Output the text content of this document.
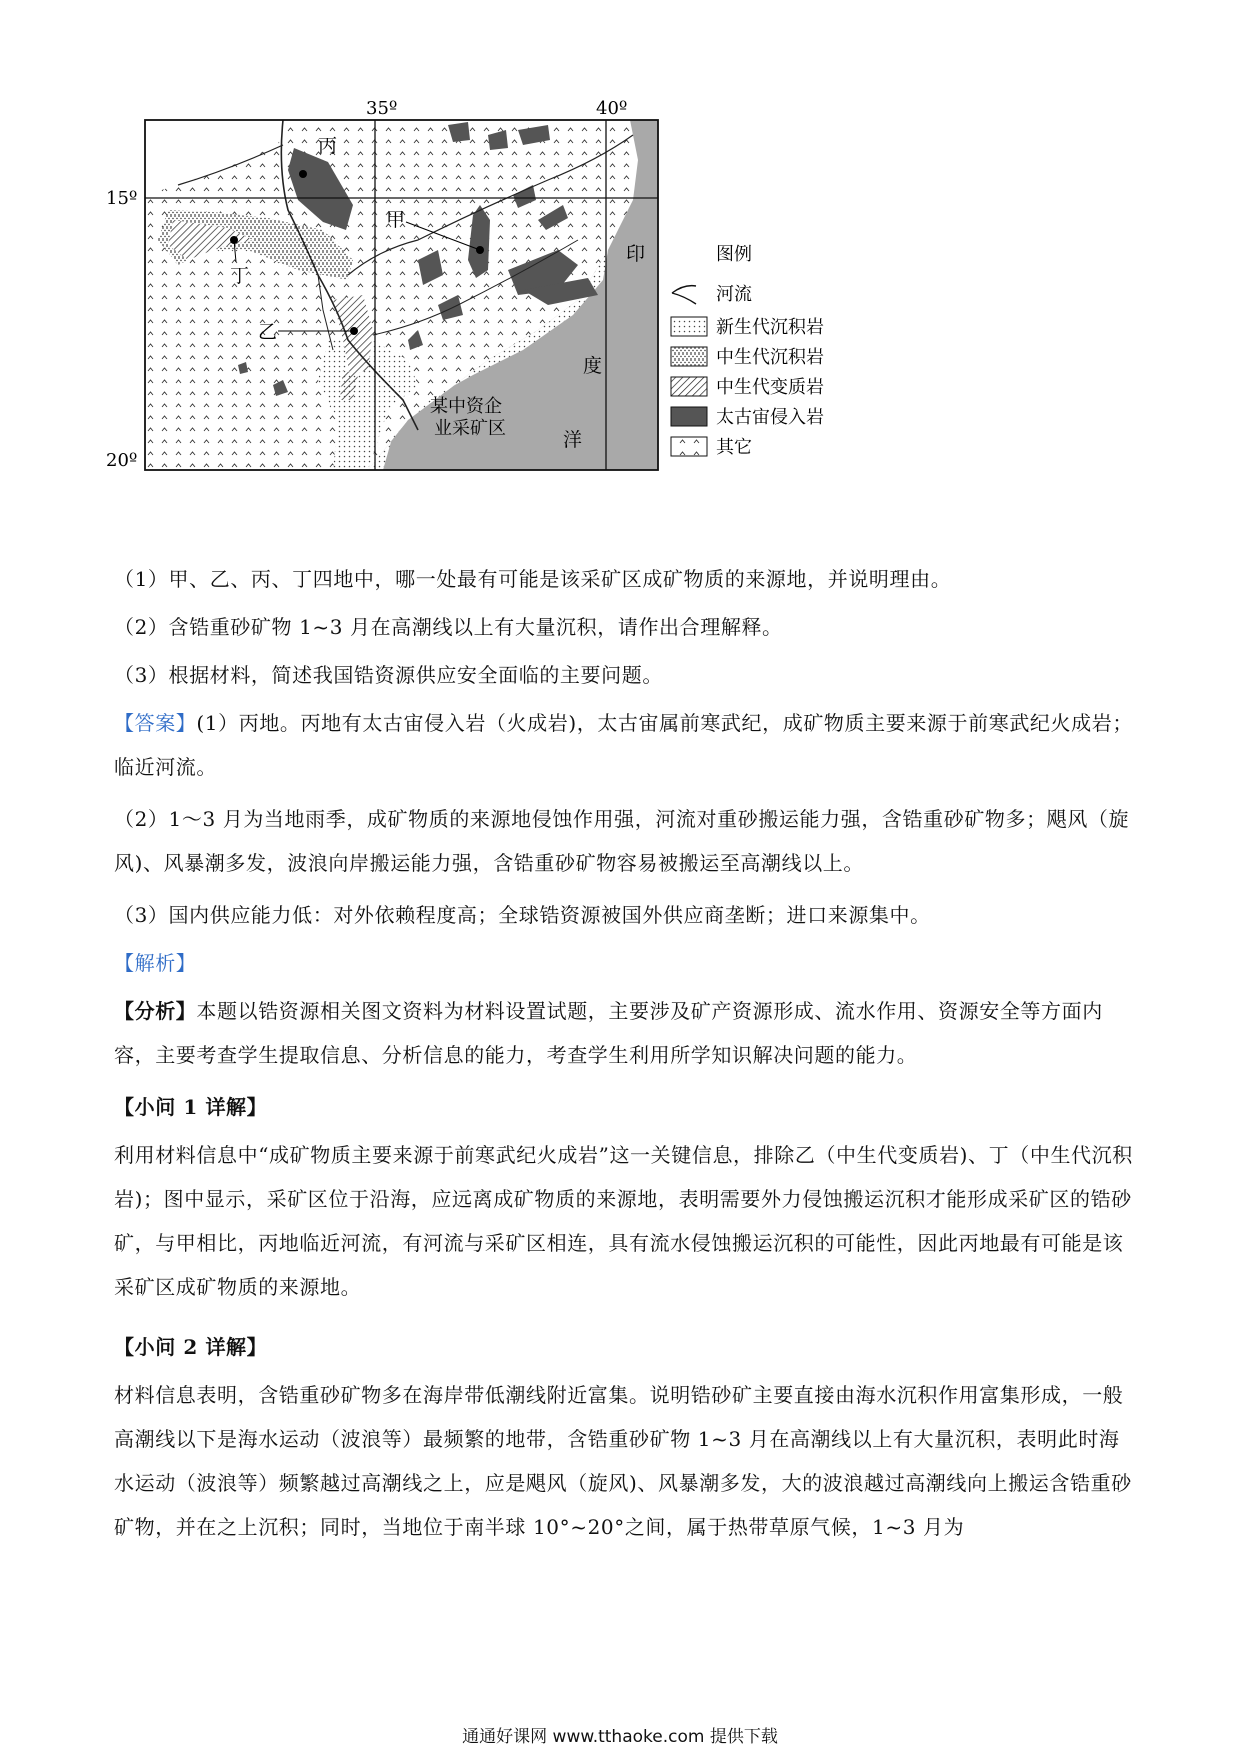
35º	40º
15º
20º
丙
甲
丁
乙
印
度
洋
某中资企
业采矿区
图例
河流
新生代沉积岩
中生代沉积岩
中生代变质岩
太古宙侵入岩
其它

（1）甲、乙、丙、丁四地中，哪一处最有可能是该采矿区成矿物质的来源地，并说明理由。

（2）含锆重砂矿物 1~3 月在高潮线以上有大量沉积，请作出合理解释。

（3）根据材料，简述我国锆资源供应安全面临的主要问题。

【答案】(1）丙地。丙地有太古宙侵入岩（火成岩)，太古宙属前寒武纪，成矿物质主要来源于前寒武纪火成岩；临近河流。

（2）1～3 月为当地雨季，成矿物质的来源地侵蚀作用强，河流对重砂搬运能力强，含锆重砂矿物多；飓风（旋风)、风暴潮多发，波浪向岸搬运能力强，含锆重砂矿物容易被搬运至高潮线以上。

（3）国内供应能力低：对外依赖程度高；全球锆资源被国外供应商垄断；进口来源集中。

【解析】

【分析】本题以锆资源相关图文资料为材料设置试题，主要涉及矿产资源形成、流水作用、资源安全等方面内容，主要考查学生提取信息、分析信息的能力，考查学生利用所学知识解决问题的能力。

【小问 1 详解】

利用材料信息中“成矿物质主要来源于前寒武纪火成岩”这一关键信息，排除乙（中生代变质岩)、丁（中生代沉积岩)；图中显示，采矿区位于沿海，应远离成矿物质的来源地，表明需要外力侵蚀搬运沉积才能形成采矿区的锆砂矿，与甲相比，丙地临近河流，有河流与采矿区相连，具有流水侵蚀搬运沉积的可能性，因此丙地最有可能是该采矿区成矿物质的来源地。

【小问 2 详解】

材料信息表明，含锆重砂矿物多在海岸带低潮线附近富集。说明锆砂矿主要直接由海水沉积作用富集形成，一般高潮线以下是海水运动（波浪等）最频繁的地带，含锆重砂矿物 1~3 月在高潮线以上有大量沉积，表明此时海水运动（波浪等）频繁越过高潮线之上，应是飓风（旋风)、风暴潮多发，大的波浪越过高潮线向上搬运含锆重砂矿物，并在之上沉积；同时，当地位于南半球 10°~20°之间，属于热带草原气候，1~3 月为

通通好课网 www.tthaoke.com 提供下载
